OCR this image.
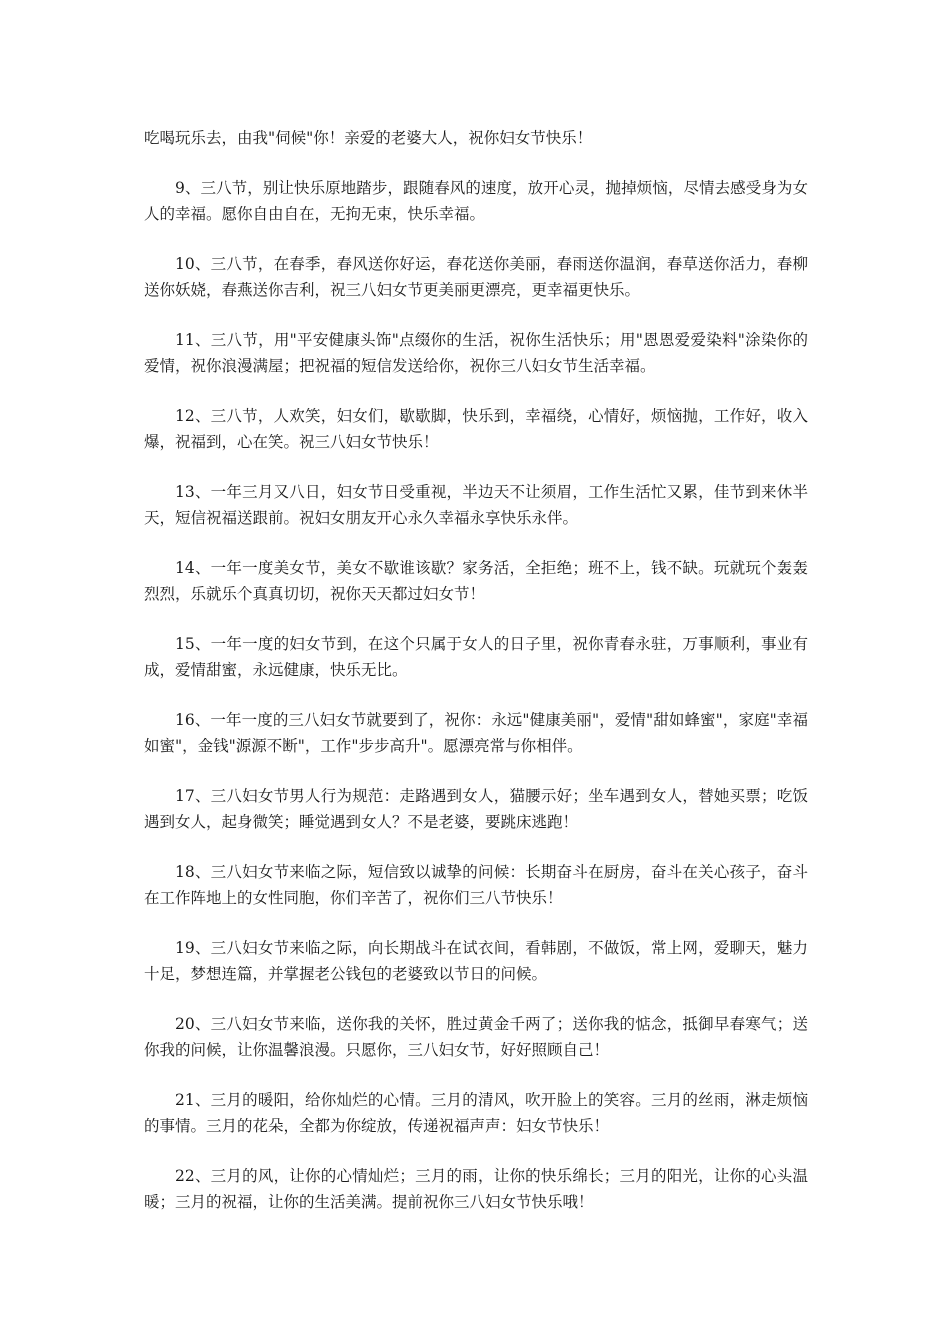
吃喝玩乐去，由我"伺候"你！亲爱的老婆大人，祝你妇女节快乐！

9、三八节，别让快乐原地踏步，跟随春风的速度，放开心灵，抛掉烦恼，尽情去感受身为女人的幸福。愿你自由自在，无拘无束，快乐幸福。

10、三八节，在春季，春风送你好运，春花送你美丽，春雨送你温润，春草送你活力，春柳送你妖娆，春燕送你吉利，祝三八妇女节更美丽更漂亮，更幸福更快乐。

11、三八节，用"平安健康头饰"点缀你的生活，祝你生活快乐；用"恩恩爱爱染料"涂染你的爱情，祝你浪漫满屋；把祝福的短信发送给你，祝你三八妇女节生活幸福。

12、三八节，人欢笑，妇女们，歇歇脚，快乐到，幸福绕，心情好，烦恼抛，工作好，收入爆，祝福到，心在笑。祝三八妇女节快乐！

13、一年三月又八日，妇女节日受重视，半边天不让须眉，工作生活忙又累，佳节到来休半天，短信祝福送跟前。祝妇女朋友开心永久幸福永享快乐永伴。

14、一年一度美女节，美女不歇谁该歇？家务活，全拒绝；班不上，钱不缺。玩就玩个轰轰烈烈，乐就乐个真真切切，祝你天天都过妇女节！

15、一年一度的妇女节到，在这个只属于女人的日子里，祝你青春永驻，万事顺利，事业有成，爱情甜蜜，永远健康，快乐无比。

16、一年一度的三八妇女节就要到了，祝你：永远"健康美丽"，爱情"甜如蜂蜜"，家庭"幸福如蜜"，金钱"源源不断"，工作"步步高升"。愿漂亮常与你相伴。

17、三八妇女节男人行为规范：走路遇到女人，猫腰示好；坐车遇到女人，替她买票；吃饭遇到女人，起身微笑；睡觉遇到女人？不是老婆，要跳床逃跑！

18、三八妇女节来临之际，短信致以诚挚的问候：长期奋斗在厨房，奋斗在关心孩子，奋斗在工作阵地上的女性同胞，你们辛苦了，祝你们三八节快乐！

19、三八妇女节来临之际，向长期战斗在试衣间，看韩剧，不做饭，常上网，爱聊天，魅力十足，梦想连篇，并掌握老公钱包的老婆致以节日的问候。

20、三八妇女节来临，送你我的关怀，胜过黄金千两了；送你我的惦念，抵御早春寒气；送你我的问候，让你温馨浪漫。只愿你，三八妇女节，好好照顾自己！

21、三月的暖阳，给你灿烂的心情。三月的清风，吹开脸上的笑容。三月的丝雨，淋走烦恼的事情。三月的花朵，全都为你绽放，传递祝福声声：妇女节快乐！

22、三月的风，让你的心情灿烂；三月的雨，让你的快乐绵长；三月的阳光，让你的心头温暖；三月的祝福，让你的生活美满。提前祝你三八妇女节快乐哦！
